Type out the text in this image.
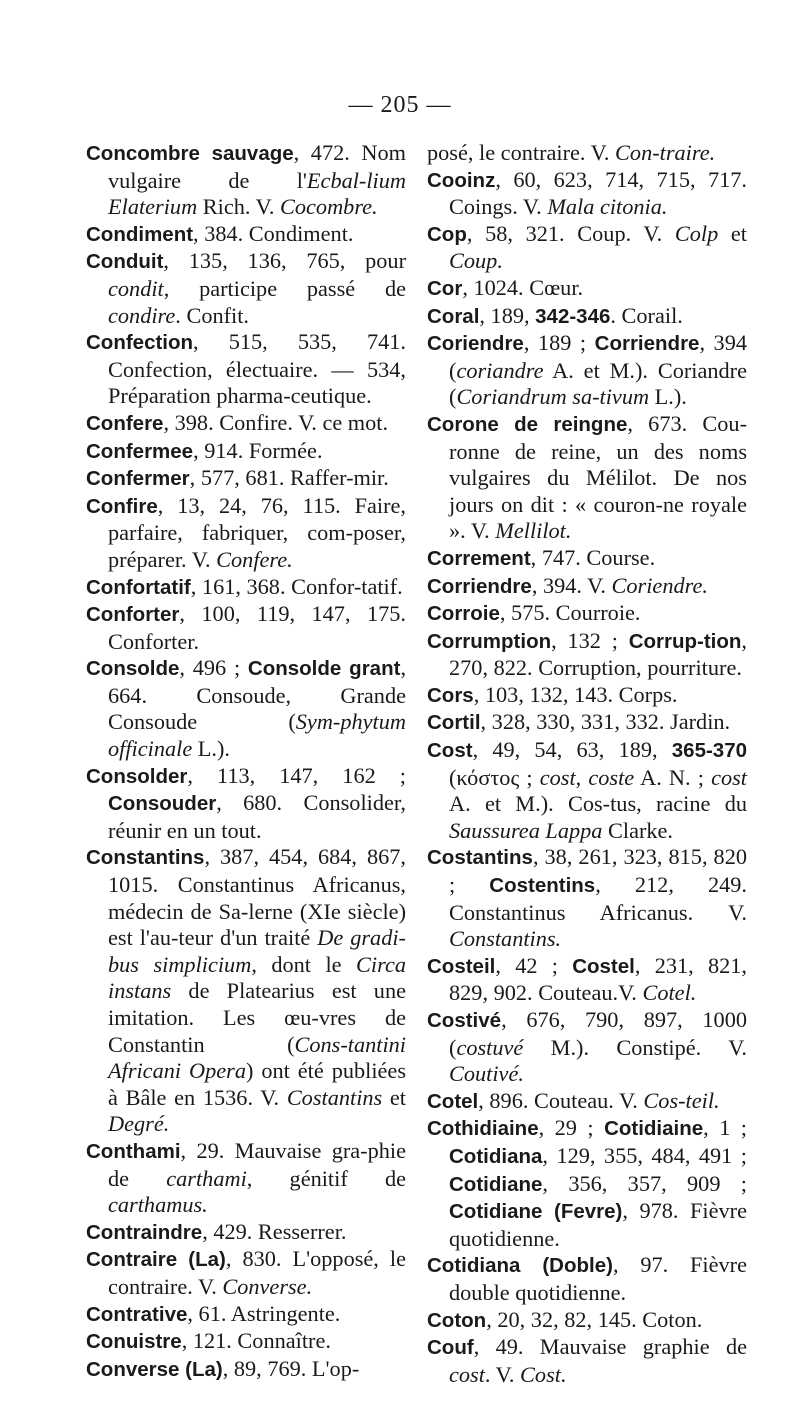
— 205 —

Concombre sauvage, 472. Nom vulgaire de l'Ecbal-lium Elaterium Rich. V. Cocombre.

Condiment, 384. Condiment.

Conduit, 135, 136, 765, pour condit, participe passé de condire. Confit.

Confection, 515, 535, 741. Confection, électuaire. — 534, Préparation pharma-ceutique.

Confere, 398. Confire. V. ce mot.

Confermee, 914. Formée.

Confermer, 577, 681. Raffer-mir.

Confire, 13, 24, 76, 115. Faire, parfaire, fabriquer, com-poser, préparer. V. Confere.

Confortatif, 161, 368. Confor-tatif.

Conforter, 100, 119, 147, 175. Conforter.

Consolde, 496 ; Consolde grant, 664. Consoude, Grande Consoude (Sym-phytum officinale L.).

Consolder, 113, 147, 162 ; Consouder, 680. Consolider, réunir en un tout.

Constantins, 387, 454, 684, 867, 1015. Constantinus Africanus, médecin de Sa-lerne (XIe siècle) est l'au-teur d'un traité De gradi-bus simplicium, dont le Circa instans de Platearius est une imitation. Les œu-vres de Constantin (Cons-tantini Africani Opera) ont été publiées à Bâle en 1536. V. Costantins et Degré.

Conthami, 29. Mauvaise gra-phie de carthami, génitif de carthamus.

Contraindre, 429. Resserrer.

Contraire (La), 830. L'opposé, le contraire. V. Converse.

Contrative, 61. Astringente.

Conuistre, 121. Connaître.

Converse (La), 89, 769. L'op-

posé, le contraire. V. Con-traire.

Cooinz, 60, 623, 714, 715, 717. Coings. V. Mala citonia.

Cop, 58, 321. Coup. V. Colp et Coup.

Cor, 1024. Cœur.

Coral, 189, 342-346. Corail.

Coriendre, 189 ; Corriendre, 394 (coriandre A. et M.). Coriandre (Coriandrum sa-tivum L.).

Corone de reingne, 673. Cou-ronne de reine, un des noms vulgaires du Mélilot. De nos jours on dit : « couron-ne royale ». V. Mellilot.

Correment, 747. Course.

Corriendre, 394. V. Coriendre.

Corroie, 575. Courroie.

Corrumption, 132 ; Corrup-tion, 270, 822. Corruption, pourriture.

Cors, 103, 132, 143. Corps.

Cortil, 328, 330, 331, 332. Jardin.

Cost, 49, 54, 63, 189, 365-370 (κόστος ; cost, coste A. N. ; cost A. et M.). Cos-tus, racine du Saussurea Lappa Clarke.

Costantins, 38, 261, 323, 815, 820 ; Costentins, 212, 249. Constantinus Africanus. V. Constantins.

Costeil, 42 ; Costel, 231, 821, 829, 902. Couteau.V. Cotel.

Costivé, 676, 790, 897, 1000 (costuvé M.). Constipé. V. Coutivé.

Cotel, 896. Couteau. V. Cos-teil.

Cothidiaine, 29 ; Cotidiaine, 1 ; Cotidiana, 129, 355, 484, 491 ; Cotidiane, 356, 357, 909 ; Cotidiane (Fevre), 978. Fièvre quotidienne.

Cotidiana (Doble), 97. Fièvre double quotidienne.

Coton, 20, 32, 82, 145. Coton.

Couf, 49. Mauvaise graphie de cost. V. Cost.
